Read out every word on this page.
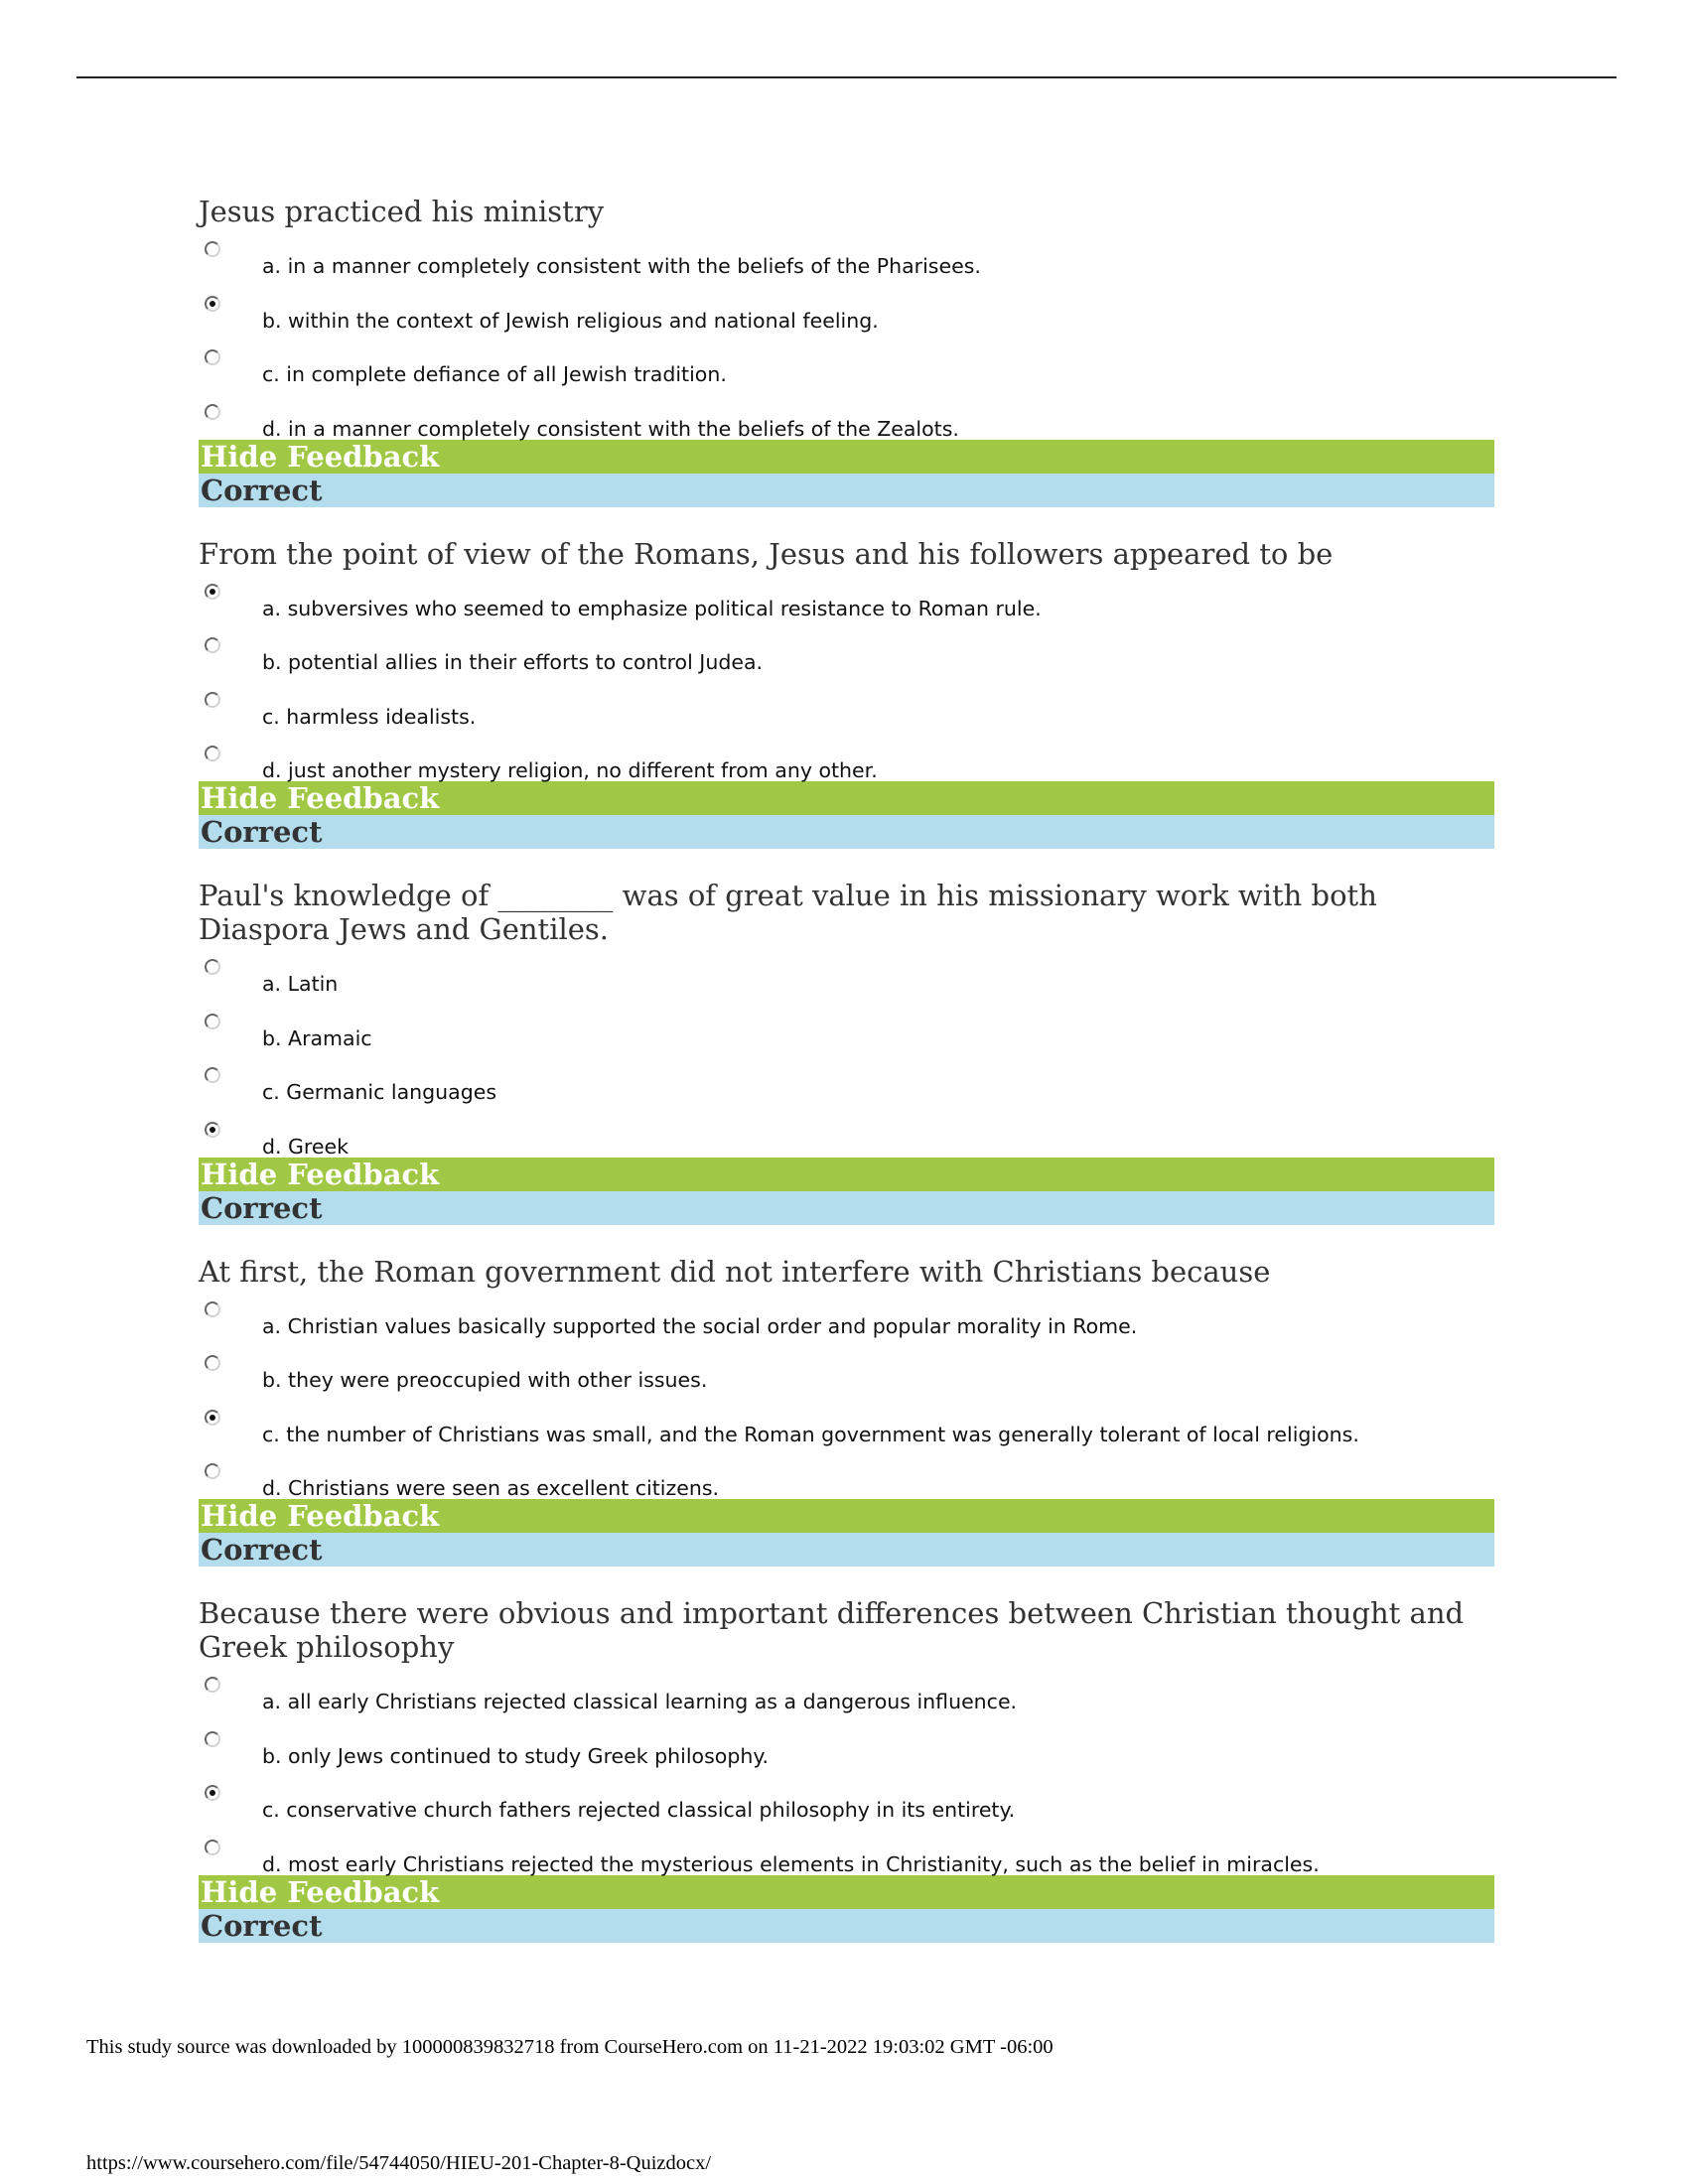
Jesus practiced his ministry
a. in a manner completely consistent with the beliefs of the Pharisees.
b. within the context of Jewish religious and national feeling.
c. in complete defiance of all Jewish tradition.
d. in a manner completely consistent with the beliefs of the Zealots.
Hide Feedback
Correct
From the point of view of the Romans, Jesus and his followers appeared to be
a. subversives who seemed to emphasize political resistance to Roman rule.
b. potential allies in their efforts to control Judea.
c. harmless idealists.
d. just another mystery religion, no different from any other.
Hide Feedback
Correct
Paul's knowledge of ________ was of great value in his missionary work with both Diaspora Jews and Gentiles.
a. Latin
b. Aramaic
c. Germanic languages
d. Greek
Hide Feedback
Correct
At first, the Roman government did not interfere with Christians because
a. Christian values basically supported the social order and popular morality in Rome.
b. they were preoccupied with other issues.
c. the number of Christians was small, and the Roman government was generally tolerant of local religions.
d. Christians were seen as excellent citizens.
Hide Feedback
Correct
Because there were obvious and important differences between Christian thought and Greek philosophy
a. all early Christians rejected classical learning as a dangerous influence.
b. only Jews continued to study Greek philosophy.
c. conservative church fathers rejected classical philosophy in its entirety.
d. most early Christians rejected the mysterious elements in Christianity, such as the belief in miracles.
Hide Feedback
Correct
This study source was downloaded by 100000839832718 from CourseHero.com on 11-21-2022 19:03:02 GMT -06:00
https://www.coursehero.com/file/54744050/HIEU-201-Chapter-8-Quizdocx/
